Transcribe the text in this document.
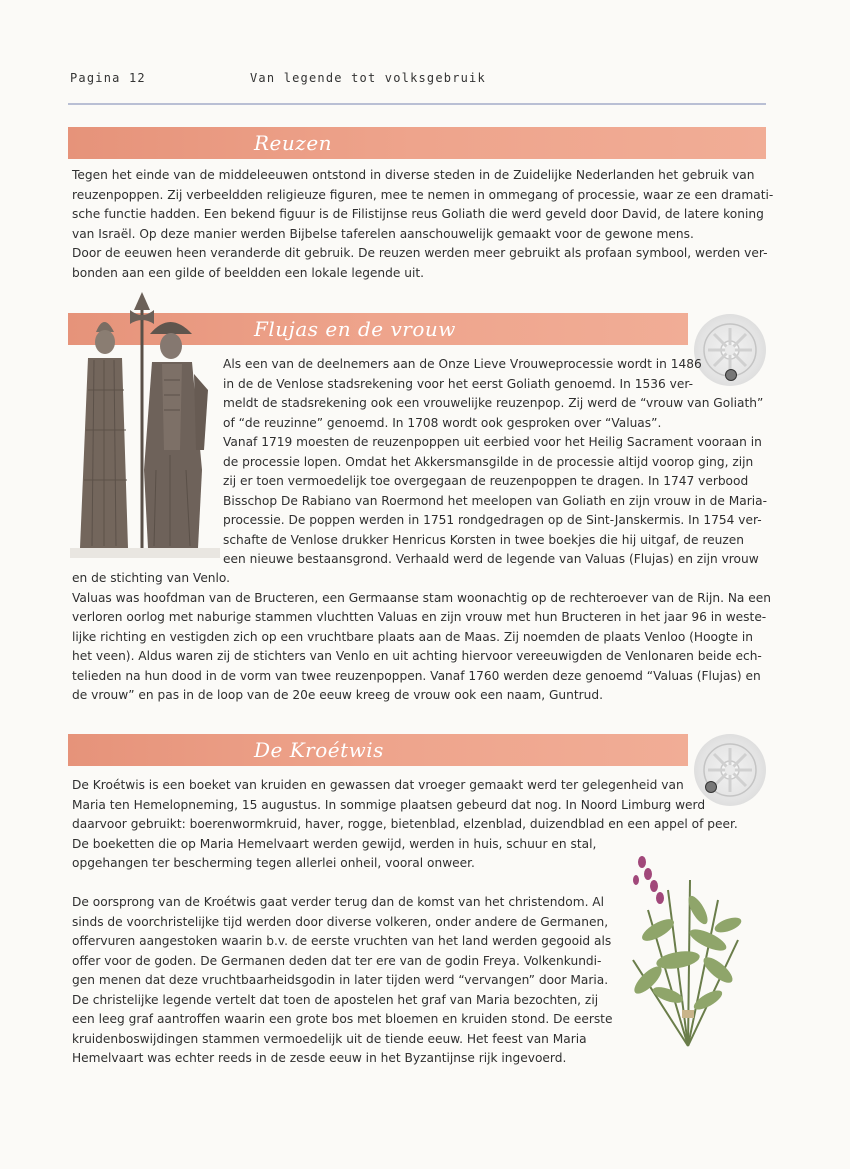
Pagina 12	Van legende tot volksgebruik
Reuzen
Tegen het einde van de middeleeuwen ontstond in diverse steden in de Zuidelijke Nederlanden het gebruik van
reuzenpoppen. Zij verbeeldden religieuze figuren, mee te nemen in ommegang of processie, waar ze een dramati-
sche functie hadden. Een bekend figuur is de Filistijnse reus Goliath die werd geveld door David, de latere koning
van Israël. Op deze manier werden Bijbelse taferelen aanschouwelijk gemaakt voor de gewone mens.
Door de eeuwen heen veranderde dit gebruik. De reuzen werden meer gebruikt als profaan symbool, werden ver-
bonden aan een gilde of beeldden een lokale legende uit.
Flujas en de vrouw
Als een van de deelnemers aan de Onze Lieve Vrouweprocessie wordt in 1486
in de de Venlose stadsrekening voor het eerst Goliath genoemd. In 1536 ver-
meldt de stadsrekening ook een vrouwelijke reuzenpop. Zij werd de “vrouw van Goliath”
of “de reuzinne” genoemd. In 1708 wordt ook gesproken over “Valuas”.
Vanaf 1719 moesten de reuzenpoppen uit eerbied voor het Heilig Sacrament vooraan in
de processie lopen. Omdat het Akkersmansgilde in de processie altijd voorop ging, zijn
zij er toen vermoedelijk toe overgegaan de reuzenpoppen te dragen. In 1747 verbood
Bisschop De Rabiano van Roermond het meelopen van Goliath en zijn vrouw in de Maria-
processie. De poppen werden in 1751 rondgedragen op de Sint-Janskermis. In 1754 ver-
schafte de Venlose drukker Henricus Korsten in twee boekjes die hij uitgaf, de reuzen
een nieuwe bestaansgrond. Verhaald werd de legende van Valuas (Flujas) en zijn vrouw
en de stichting van Venlo.
Valuas was hoofdman van de Bructeren, een Germaanse stam woonachtig op de rechteroever van de Rijn. Na een
verloren oorlog met naburige stammen vluchtten Valuas en zijn vrouw met hun Bructeren in het jaar 96 in weste-
lijke richting en vestigden zich op een vruchtbare plaats aan de Maas. Zij noemden de plaats Venloo (Hoogte in
het veen). Aldus waren zij de stichters van Venlo en uit achting hiervoor vereeuwigden de Venlonaren beide ech-
telieden na hun dood in de vorm van twee reuzenpoppen. Vanaf 1760 werden deze genoemd “Valuas (Flujas) en
de vrouw” en pas in de loop van de 20e eeuw kreeg de vrouw ook een naam, Guntrud.
De Kroétwis
De Kroétwis is een boeket van kruiden en gewassen dat vroeger gemaakt werd ter gelegenheid van
Maria ten Hemelopneming, 15 augustus. In sommige plaatsen gebeurd dat nog. In Noord Limburg werd
daarvoor gebruikt: boerenwormkruid, haver, rogge, bietenblad, elzenblad, duizendblad en een appel of peer.
De boeketten die op Maria Hemelvaart werden gewijd, werden in huis, schuur en stal,
opgehangen ter bescherming tegen allerlei onheil, vooral onweer.
De oorsprong van de Kroétwis gaat verder terug dan de komst van het christendom. Al
sinds de voorchristelijke tijd werden door diverse volkeren, onder andere de Germanen,
offervuren aangestoken waarin b.v. de eerste vruchten van het land werden gegooid als
offer voor de goden. De Germanen deden dat ter ere van de godin Freya. Volkenkundi-
gen menen dat deze vruchtbaarheidsgodin in later tijden werd “vervangen” door Maria.
De christelijke legende vertelt dat toen de apostelen het graf van Maria bezochten, zij
een leeg graf aantroffen waarin een grote bos met bloemen en kruiden stond. De eerste
kruidenboswijdingen stammen vermoedelijk uit de tiende eeuw. Het feest van Maria
Hemelvaart was echter reeds in de zesde eeuw in het Byzantijnse rijk ingevoerd.
